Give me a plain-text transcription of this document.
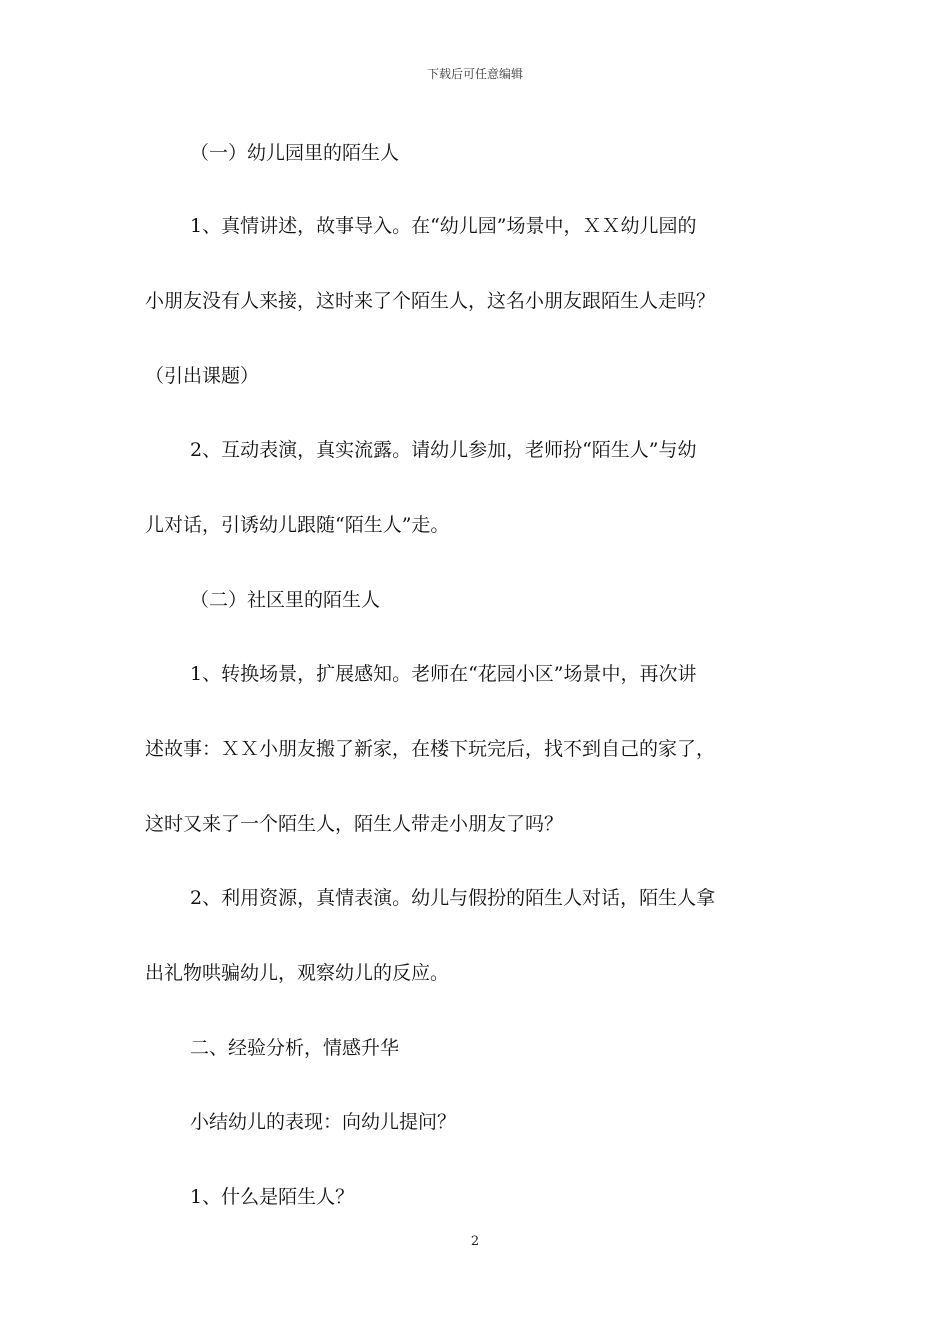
下载后可任意编辑
（一）幼儿园里的陌生人
1、真情讲述，故事导入。在“幼儿园”场景中，ＸＸ幼儿园的
小朋友没有人来接，这时来了个陌生人，这名小朋友跟陌生人走吗？
（引出课题）
2、互动表演，真实流露。请幼儿参加，老师扮“陌生人”与幼
儿对话，引诱幼儿跟随“陌生人”走。
（二）社区里的陌生人
1、转换场景，扩展感知。老师在“花园小区”场景中，再次讲
述故事：ＸＸ小朋友搬了新家，在楼下玩完后，找不到自己的家了，
这时又来了一个陌生人，陌生人带走小朋友了吗？
2、利用资源，真情表演。幼儿与假扮的陌生人对话，陌生人拿
出礼物哄骗幼儿，观察幼儿的反应。
二、经验分析，情感升华
小结幼儿的表现：向幼儿提问？
1、什么是陌生人？
2
